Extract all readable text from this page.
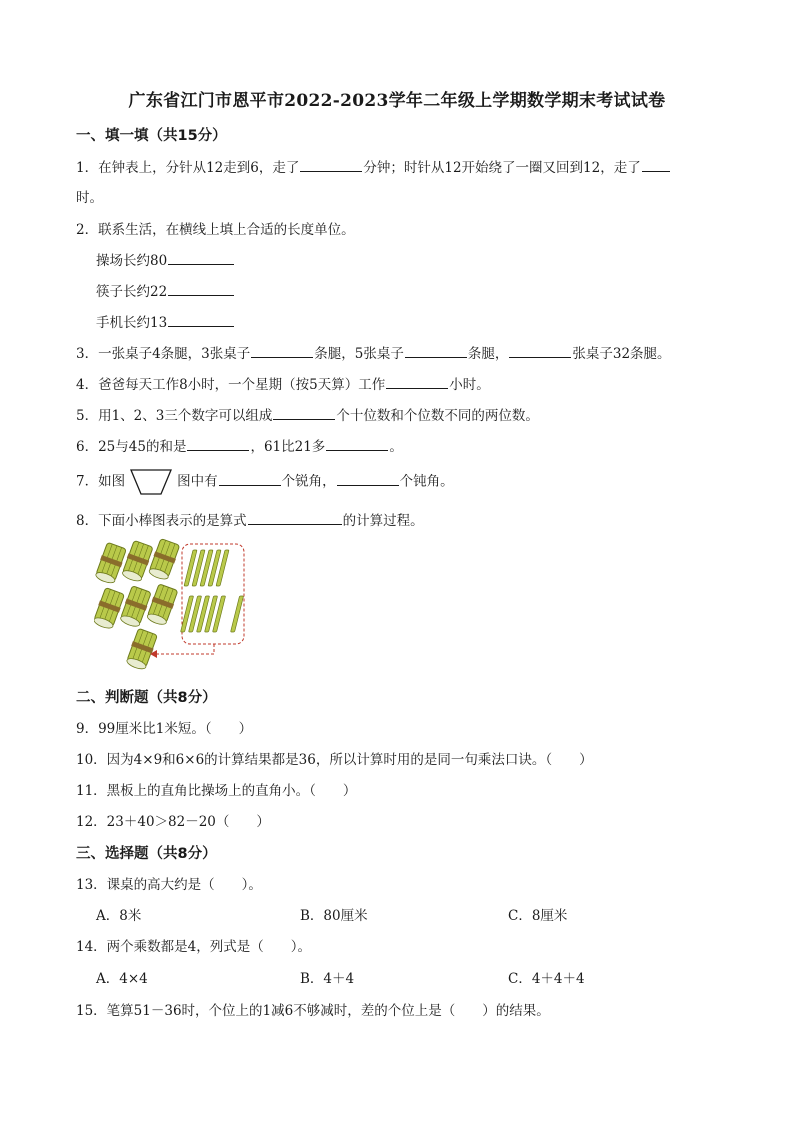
广东省江门市恩平市2022-2023学年二年级上学期数学期末考试试卷
一、填一填（共15分）
1．在钟表上，分针从12走到6，走了	分钟；时针从12开始绕了一圈又回到12，走了
时。
2．联系生活，在横线上填上合适的长度单位。
操场长约80
筷子长约22
手机长约13
3．一张桌子4条腿，3张桌子	条腿，5张桌子	条腿，	张桌子32条腿。
4．爸爸每天工作8小时，一个星期（按5天算）工作	小时。
5．用1、2、3三个数字可以组成	个十位数和个位数不同的两位数。
6．25与45的和是	，61比21多	。
7．如图	图中有	个锐角，	个钝角。
8．下面小棒图表示的是算式	的计算过程。
二、判断题（共8分）
9．99厘米比1米短。（　　）
10．因为4×9和6×6的计算结果都是36，所以计算时用的是同一句乘法口诀。（　　）
11．黑板上的直角比操场上的直角小。（　　）
12．23＋40＞82－20（　　）
三、选择题（共8分）
13．课桌的高大约是（　　）。
A．8米	B．80厘米	C．8厘米
14．两个乘数都是4，列式是（　　）。
A．4×4	B．4＋4	C．4＋4＋4
15．笔算51－36时，个位上的1减6不够减时，差的个位上是（　　）的结果。
